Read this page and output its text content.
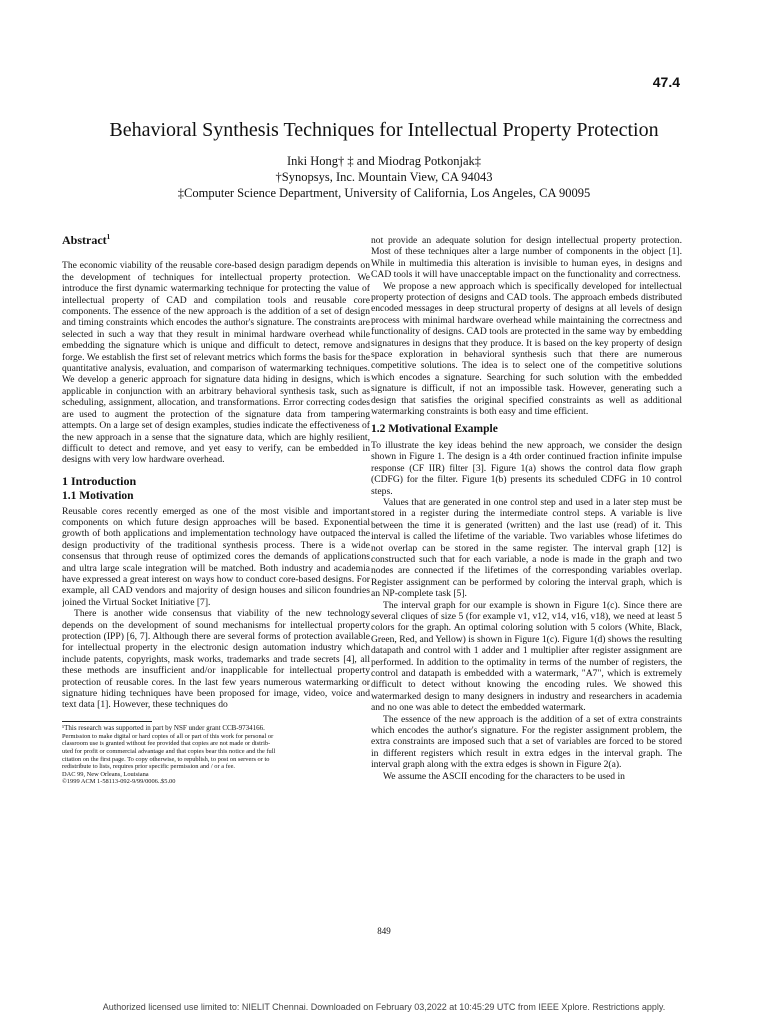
47.4
Behavioral Synthesis Techniques for Intellectual Property Protection
Inki Hong† ‡ and Miodrag Potkonjak‡
†Synopsys, Inc. Mountain View, CA 94043
‡Computer Science Department, University of California, Los Angeles, CA 90095
Abstract$^1$

The economic viability of the reusable core-based design paradigm depends on the development of techniques for intellectual property protection. We introduce the first dynamic watermarking technique for protecting the value of intellectual property of CAD and compilation tools and reusable core components. The essence of the new approach is the addition of a set of design and timing constraints which encodes the author's signature. The constraints are selected in such a way that they result in minimal hardware overhead while embedding the signature which is unique and difficult to detect, remove and forge. We establish the first set of relevant metrics which forms the basis for the quantitative analysis, evaluation, and comparison of watermarking techniques. We develop a generic approach for signature data hiding in designs, which is applicable in conjunction with an arbitrary behavioral synthesis task, such as scheduling, assignment, allocation, and transformations. Error correcting codes are used to augment the protection of the signature data from tampering attempts. On a large set of design examples, studies indicate the effectiveness of the new approach in a sense that the signature data, which are highly resilient, difficult to detect and remove, and yet easy to verify, can be embedded in designs with very low hardware overhead.

1 Introduction
1.1 Motivation

Reusable cores recently emerged as one of the most visible and important components on which future design approaches will be based. Exponential growth of both applications and implementation technology have outpaced the design productivity of the traditional synthesis process. There is a wide consensus that through reuse of optimized cores the demands of applications and ultra large scale integration will be matched. Both industry and academia have expressed a great interest on ways how to conduct core-based designs. For example, all CAD vendors and majority of design houses and silicon foundries joined the Virtual Socket Initiative [7].

There is another wide consensus that viability of the new technology depends on the development of sound mechanisms for intellectual property protection (IPP) [6, 7]. Although there are several forms of protection available for intellectual property in the electronic design automation industry which include patents, copyrights, mask works, trademarks and trade secrets [4], all these methods are insufficient and/or inapplicable for intellectual property protection of reusable cores. In the last few years numerous watermarking or signature hiding techniques have been proposed for image, video, voice and text data [1]. However, these techniques do

¹This research was supported in part by NSF under grant CCB-9734166.

Permission to make digital or hard copies of all or part of this work for personal or

classroom use is granted without fee provided that copies are not made or distrib-

uted for profit or commercial advantage and that copies bear this notice and the full

citation on the first page. To copy otherwise, to republish, to post on servers or to

redistribute to lists, requires prior specific permission and / or a fee.

DAC 99, New Orleans, Louisiana

©1999 ACM 1-58113-092-9/99/0006..$5.00

not provide an adequate solution for design intellectual property protection. Most of these techniques alter a large number of components in the object [1]. While in multimedia this alteration is invisible to human eyes, in designs and CAD tools it will have unacceptable impact on the functionality and correctness.

We propose a new approach which is specifically developed for intellectual property protection of designs and CAD tools. The approach embeds distributed encoded messages in deep structural property of designs at all levels of design process with minimal hardware overhead while maintaining the correctness and functionality of designs. CAD tools are protected in the same way by embedding signatures in designs that they produce. It is based on the key property of design space exploration in behavioral synthesis such that there are numerous competitive solutions. The idea is to select one of the competitive solutions which encodes a signature. Searching for such solution with the embedded signature is difficult, if not an impossible task. However, generating such a design that satisfies the original specified constraints as well as additional watermarking constraints is both easy and time efficient.

1.2 Motivational Example

To illustrate the key ideas behind the new approach, we consider the design shown in Figure 1. The design is a 4th order continued fraction infinite impulse response (CF IIR) filter [3]. Figure 1(a) shows the control data flow graph (CDFG) for the filter. Figure 1(b) presents its scheduled CDFG in 10 control steps.

Values that are generated in one control step and used in a later step must be stored in a register during the intermediate control steps. A variable is live between the time it is generated (written) and the last use (read) of it. This interval is called the lifetime of the variable. Two variables whose lifetimes do not overlap can be stored in the same register. The interval graph [12] is constructed such that for each variable, a node is made in the graph and two nodes are connected if the lifetimes of the corresponding variables overlap. Register assignment can be performed by coloring the interval graph, which is an NP-complete task [5].

The interval graph for our example is shown in Figure 1(c). Since there are several cliques of size 5 (for example v1, v12, v14, v16, v18), we need at least 5 colors for the graph. An optimal coloring solution with 5 colors (White, Black, Green, Red, and Yellow) is shown in Figure 1(c). Figure 1(d) shows the resulting datapath and control with 1 adder and 1 multiplier after register assignment are performed. In addition to the optimality in terms of the number of registers, the control and datapath is embedded with a watermark, "A7", which is extremely difficult to detect without knowing the encoding rules. We showed this watermarked design to many designers in industry and researchers in academia and no one was able to detect the embedded watermark.

The essence of the new approach is the addition of a set of extra constraints which encodes the author's signature. For the register assignment problem, the extra constraints are imposed such that a set of variables are forced to be stored in different registers which result in extra edges in the interval graph. The interval graph along with the extra edges is shown in Figure 2(a).

We assume the ASCII encoding for the characters to be used in

849
Authorized licensed use limited to: NIELIT Chennai. Downloaded on February 03,2022 at 10:45:29 UTC from IEEE Xplore. Restrictions apply.
